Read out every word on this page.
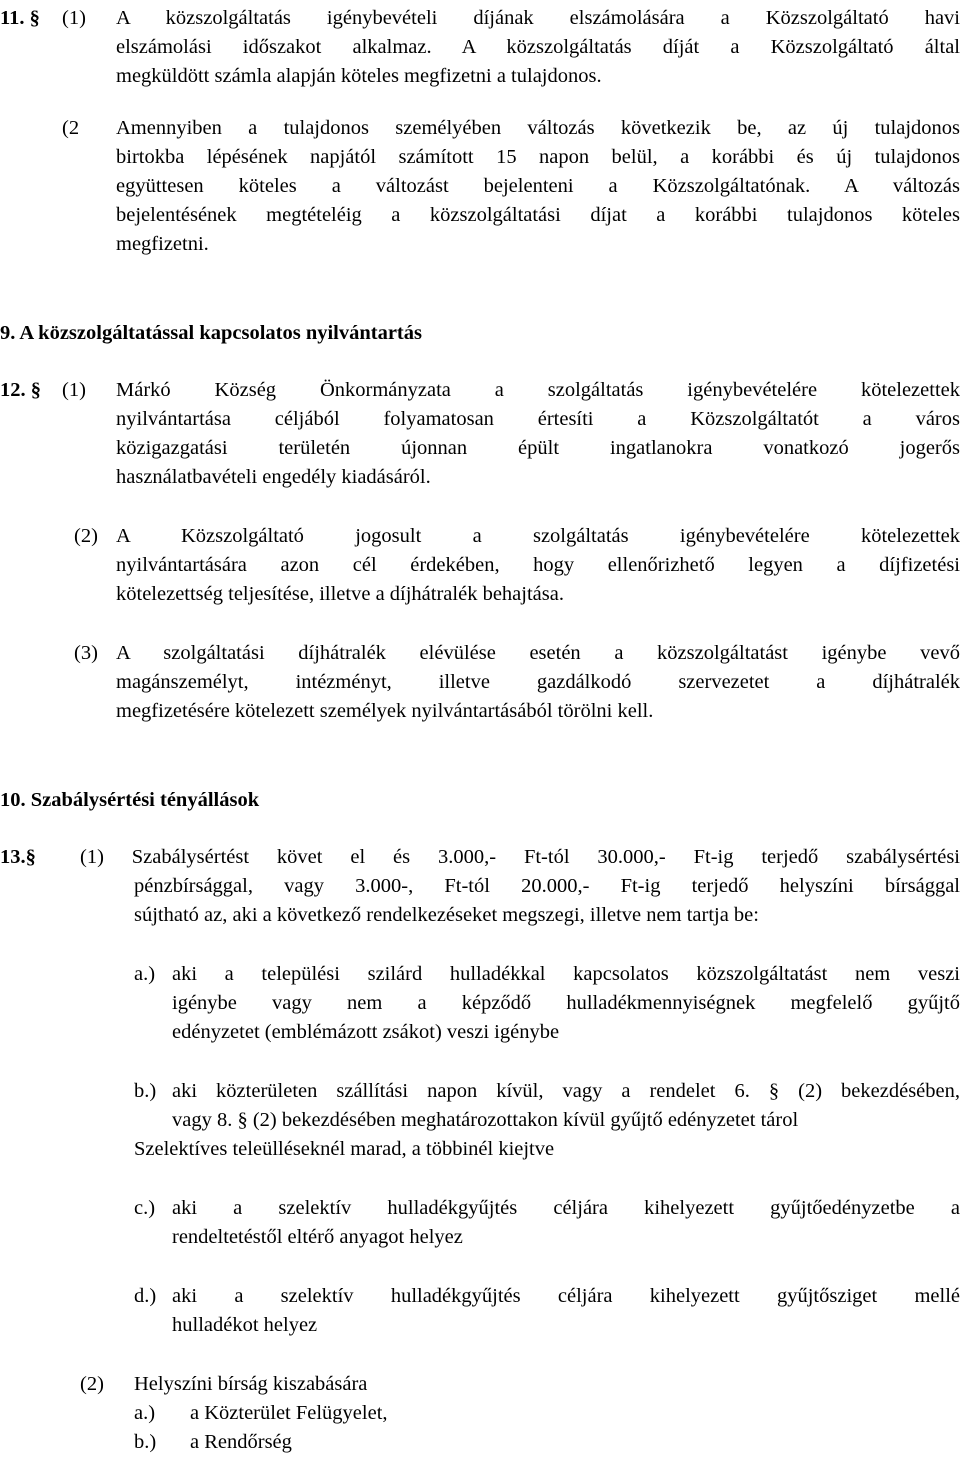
11. § (1) A közszolgáltatás igénybevételi díjának elszámolására a Közszolgáltató havi
elszámolási időszakot alkalmaz. A közszolgáltatás díját a Közszolgáltató által
megküldött számla alapján köteles megfizetni a tulajdonos.
(2 Amennyiben a tulajdonos személyében változás következik be, az új tulajdonos
birtokba lépésének napjától számított 15 napon belül, a korábbi és új tulajdonos
együttesen köteles a változást bejelenteni a Közszolgáltatónak. A változás
bejelentésének megtételéig a közszolgáltatási díjat a korábbi tulajdonos köteles
megfizetni.
9. A közszolgáltatással kapcsolatos nyilvántartás
12. § (1) Márkó Község Önkormányzata a szolgáltatás igénybevételére kötelezettek
nyilvántartása céljából folyamatosan értesíti a Közszolgáltatót a város
közigazgatási területén újonnan épült ingatlanokra vonatkozó jogerős
használatbavételi engedély kiadásáról.
(2) A Közszolgáltató jogosult a szolgáltatás igénybevételére kötelezettek
nyilvántartására azon cél érdekében, hogy ellenőrizhető legyen a díjfizetési
kötelezettség teljesítése, illetve a díjhátralék behajtása.
(3) A szolgáltatási díjhátralék elévülése esetén a közszolgáltatást igénybe vevő
magánszemélyt, intézményt, illetve gazdálkodó szervezetet a díjhátralék
megfizetésére kötelezett személyek nyilvántartásából törölni kell.
10. Szabálysértési tényállások
13.§ (1) Szabálysértést követ el és 3.000,- Ft-tól 30.000,- Ft-ig terjedő szabálysértési
pénzbírsággal, vagy 3.000-, Ft-tól 20.000,- Ft-ig terjedő helyszíni bírsággal
sújtható az, aki a következő rendelkezéseket megszegi, illetve nem tartja be:
a.) aki a települési szilárd hulladékkal kapcsolatos közszolgáltatást nem veszi
igénybe vagy nem a képződő hulladékmennyiségnek megfelelő gyűjtő
edényzetet (emblémázott zsákot) veszi igénybe
b.) aki közterületen szállítási napon kívül, vagy a rendelet 6. § (2) bekezdésében,
vagy 8. § (2) bekezdésében meghatározottakon kívül gyűjtő edényzetet tárol
Szelektíves teleülléseknél marad, a többinél kiejtve
c.) aki a szelektív hulladékgyűjtés céljára kihelyezett gyűjtőedényzetbe a
rendeltetéstől eltérő anyagot helyez
d.) aki a szelektív hulladékgyűjtés céljára kihelyezett gyűjtősziget mellé
hulladékot helyez
(2) Helyszíni bírság kiszabására
a.) a Közterület Felügyelet,
b.) a Rendőrség
